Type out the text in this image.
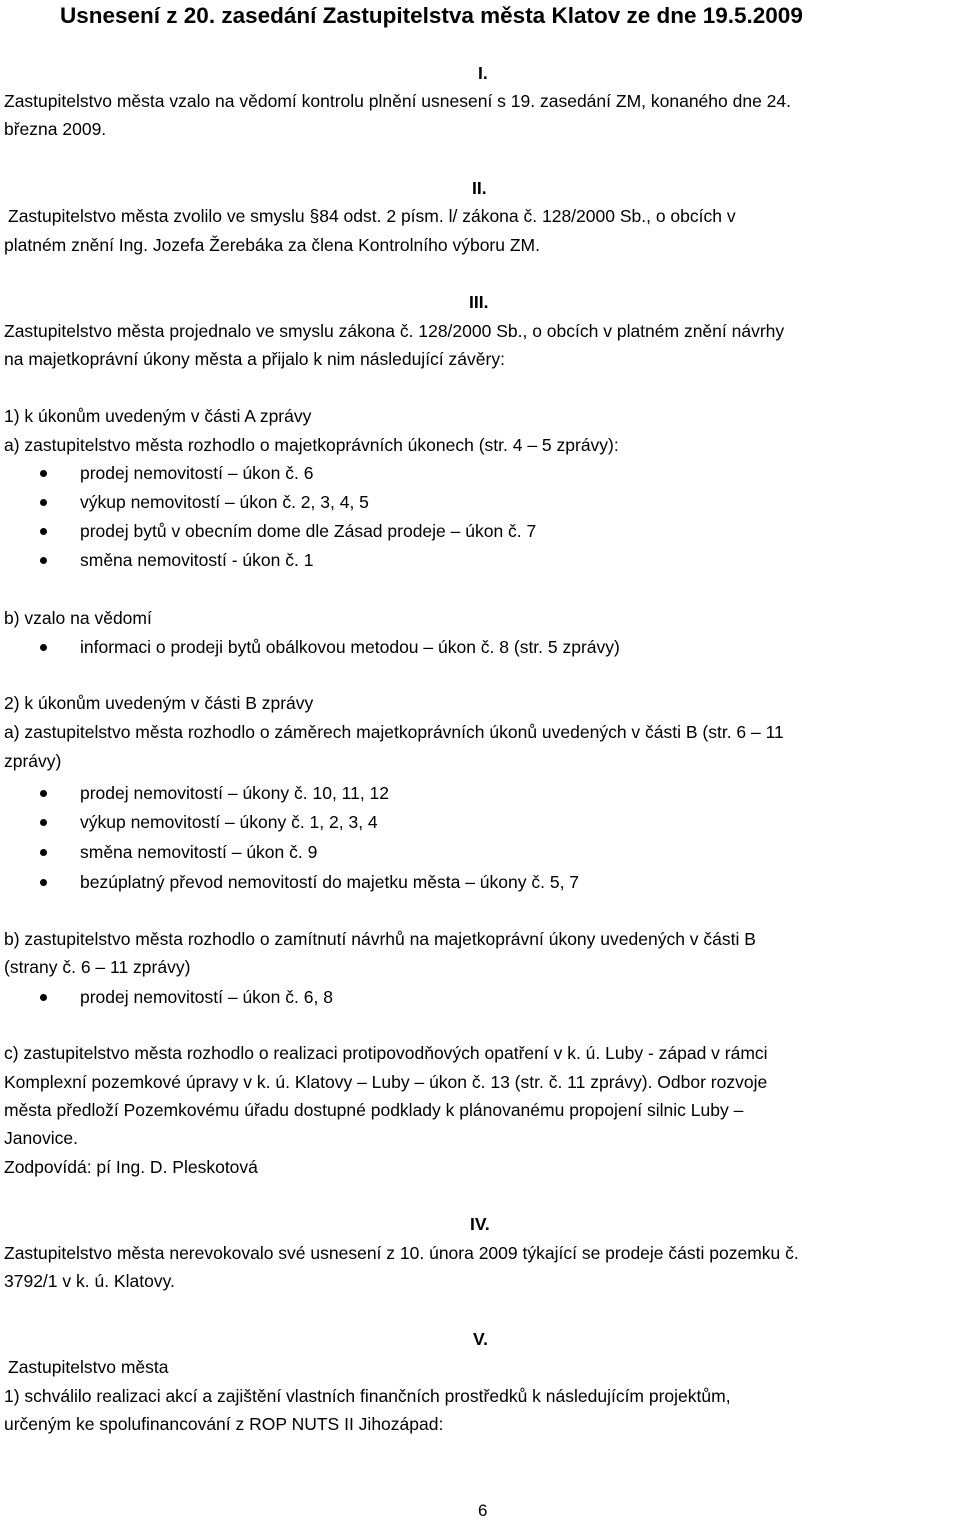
Usnesení z 20. zasedání Zastupitelstva města Klatov ze dne 19.5.2009
I.
Zastupitelstvo města vzalo na vědomí kontrolu plnění usnesení s 19. zasedání ZM, konaného dne 24.
března 2009.
II.
Zastupitelstvo města zvolilo ve smyslu §84 odst. 2 písm. l/ zákona č. 128/2000 Sb., o obcích v
platném znění Ing. Jozefa Žerebáka za člena Kontrolního výboru ZM.
III.
Zastupitelstvo města projednalo ve smyslu zákona č. 128/2000 Sb., o obcích v platném znění návrhy
na majetkoprávní úkony města a přijalo k nim následující závěry:
1) k úkonům uvedeným v části A zprávy
a) zastupitelstvo města rozhodlo o majetkoprávních úkonech (str. 4 – 5 zprávy):
prodej nemovitostí – úkon č. 6
výkup nemovitostí – úkon č. 2, 3, 4, 5
prodej bytů v obecním dome dle Zásad prodeje – úkon č. 7
směna nemovitostí - úkon č. 1
b) vzalo na vědomí
informaci o prodeji bytů obálkovou metodou – úkon č. 8 (str. 5 zprávy)
2) k úkonům uvedeným v části B zprávy
a) zastupitelstvo města rozhodlo o záměrech majetkoprávních úkonů uvedených v části B (str. 6 – 11
zprávy)
prodej nemovitostí – úkony č. 10, 11, 12
výkup nemovitostí – úkony č. 1, 2, 3, 4
směna nemovitostí – úkon č. 9
bezúplatný převod nemovitostí do majetku města – úkony č. 5, 7
b) zastupitelstvo města rozhodlo o zamítnutí návrhů na majetkoprávní úkony uvedených v části B
(strany č. 6 – 11 zprávy)
prodej nemovitostí – úkon č. 6, 8
c) zastupitelstvo města rozhodlo o realizaci protipovodňových opatření v k. ú. Luby - západ v rámci
Komplexní pozemkové úpravy v k. ú. Klatovy – Luby – úkon č. 13 (str. č. 11 zprávy). Odbor rozvoje
města předloží Pozemkovému úřadu dostupné podklady k plánovanému propojení silnic Luby –
Janovice.
Zodpovídá: pí Ing. D. Pleskotová
IV.
Zastupitelstvo města nerevokovalo své usnesení z 10. února 2009 týkající se prodeje části pozemku č.
3792/1 v k. ú. Klatovy.
V.
Zastupitelstvo města
1) schválilo realizaci akcí a zajištění vlastních finančních prostředků k následujícím projektům,
určeným ke spolufinancování z ROP NUTS II Jihozápad:
6
